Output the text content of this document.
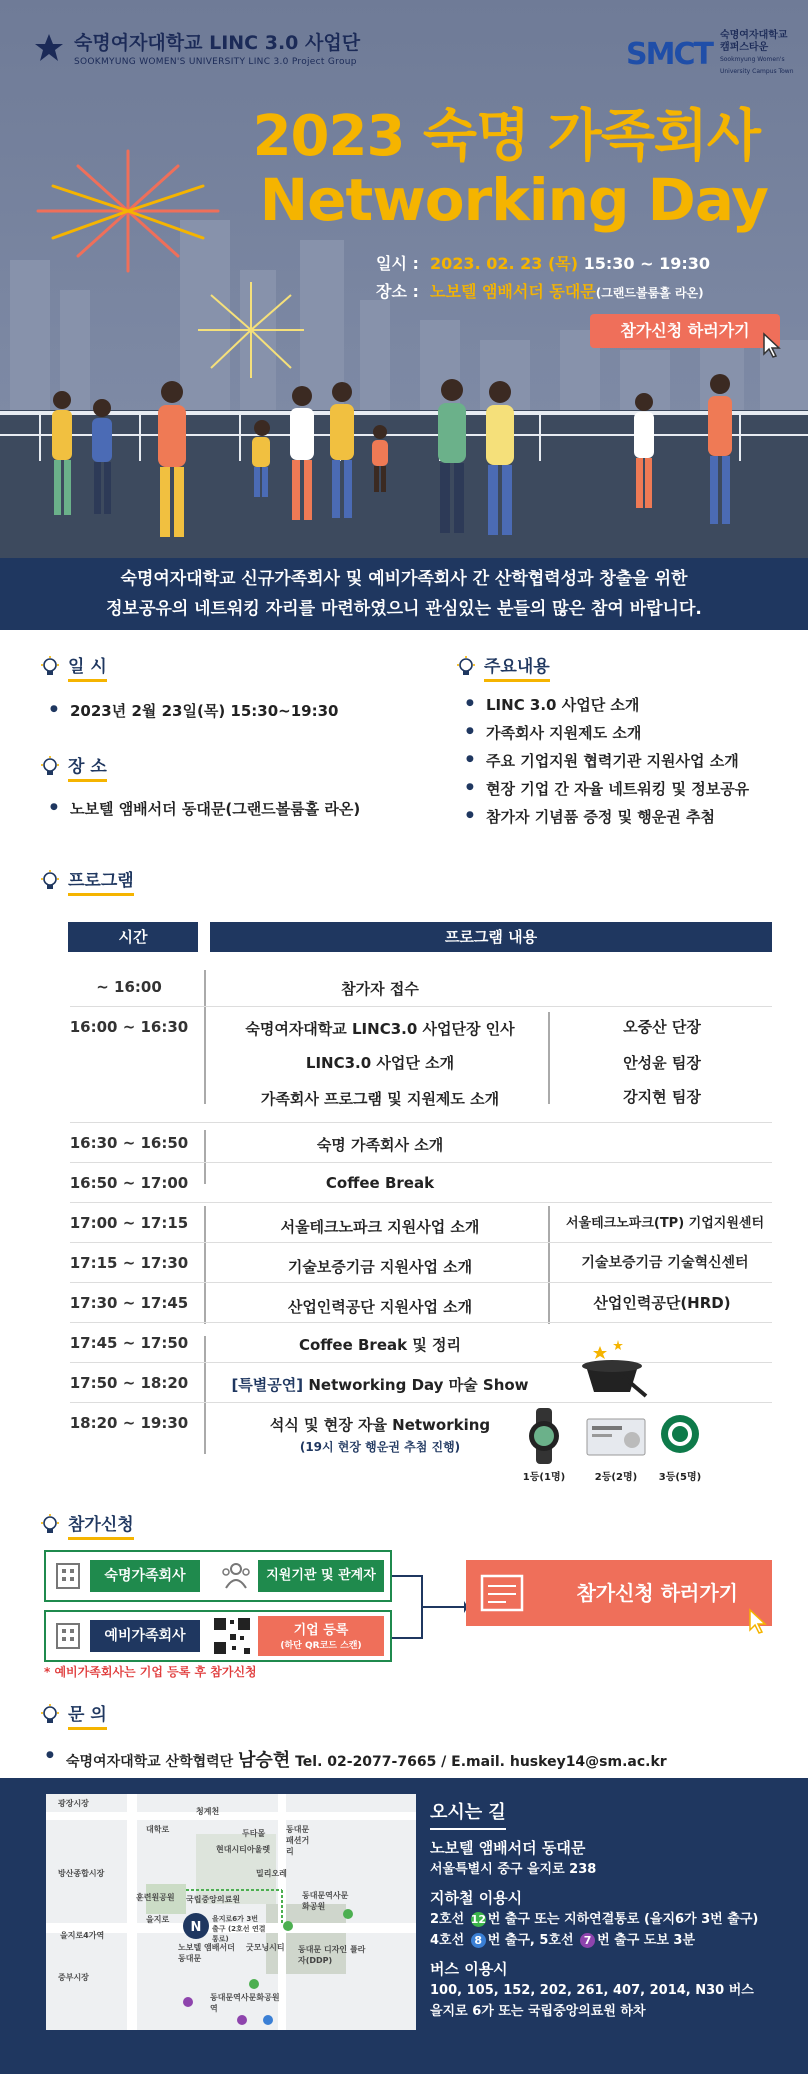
숙명여자대학교 LINC 3.0 사업단
SOOKMYUNG WOMEN'S UNIVERSITY LINC 3.0 Project Group	SMCT
숙명여자대학교 캠퍼스타운
Sookmyung Women's University Campus Town
2023 숙명 가족회사
Networking Day
일시 : 2023. 02. 23 (목) 15:30 ~ 19:30
장소 : 노보텔 앰배서더 동대문(그랜드볼룸홀 라온)
참가신청 하러가기
숙명여자대학교 신규가족회사 및 예비가족회사 간 산학협력성과 창출을 위한
정보공유의 네트워킹 자리를 마련하였으니 관심있는 분들의 많은 참여 바랍니다.
일 시
● 2023년 2월 23일(목) 15:30~19:30
장 소
● 노보텔 앰배서더 동대문(그랜드볼룸홀 라온)
주요내용
● LINC 3.0 사업단 소개
● 가족회사 지원제도 소개
● 주요 기업지원 협력기관 지원사업 소개
● 현장 기업 간 자율 네트워킹 및 정보공유
● 참가자 기념품 증정 및 행운권 추첨
프로그램
시간	프로그램 내용
~ 16:00	참가자 접수
16:00 ~ 16:30	숙명여자대학교 LINC3.0 사업단장 인사	오중산 단장
LINC3.0 사업단 소개	안성윤 팀장
가족회사 프로그램 및 지원제도 소개	강지현 팀장
16:30 ~ 16:50	숙명 가족회사 소개
16:50 ~ 17:00	Coffee Break
17:00 ~ 17:15	서울테크노파크 지원사업 소개	서울테크노파크(TP) 기업지원센터
17:15 ~ 17:30	기술보증기금 지원사업 소개	기술보증기금 기술혁신센터
17:30 ~ 17:45	산업인력공단 지원사업 소개	산업인력공단(HRD)
17:45 ~ 17:50	Coffee Break 및 정리
17:50 ~ 18:20	[특별공연] Networking Day 마술 Show
18:20 ~ 19:30	석식 및 현장 자율 Networking
(19시 현장 행운권 추첨 진행)
1등(1명)	2등(2명)	3등(5명)
참가신청
숙명가족회사	지원기관 및 관계자
예비가족회사	기업 등록
(하단 QR코드 스캔)
참가신청 하러가기
* 예비가족회사는 기업 등록 후 참가신청
문 의
● 숙명여자대학교 산학협력단 남승현 Tel. 02-2077-7665 / E.mail. huskey14@sm.ac.kr
N
광장시장
청계천
방산종합시장
훈련원공원 국립중앙의료원
중부시장
두타몰
현대시티아울렛
밀리오레
동대문역사문화공원
동대문 디자인 플라자(DDP)
굿모닝시티
노보텔 앰배서더 동대문
동대문역사문화공원역
을지로
동대문 패션거리
대학로
을지로4가역
을지로6가 3번 출구 (2호선 연결통로)
오시는 길

노보텔 앰배서더 동대문

서울특별시 중구 을지로 238

지하철 이용시

2호선 12 번 출구 또는 지하연결통로 (을지6가 3번 출구)

4호선 8 번 출구, 5호선 7 번 출구 도보 3분

버스 이용시

100, 105, 152, 202, 261, 407, 2014, N30 버스

을지로 6가 또는 국립중앙의료원 하차
